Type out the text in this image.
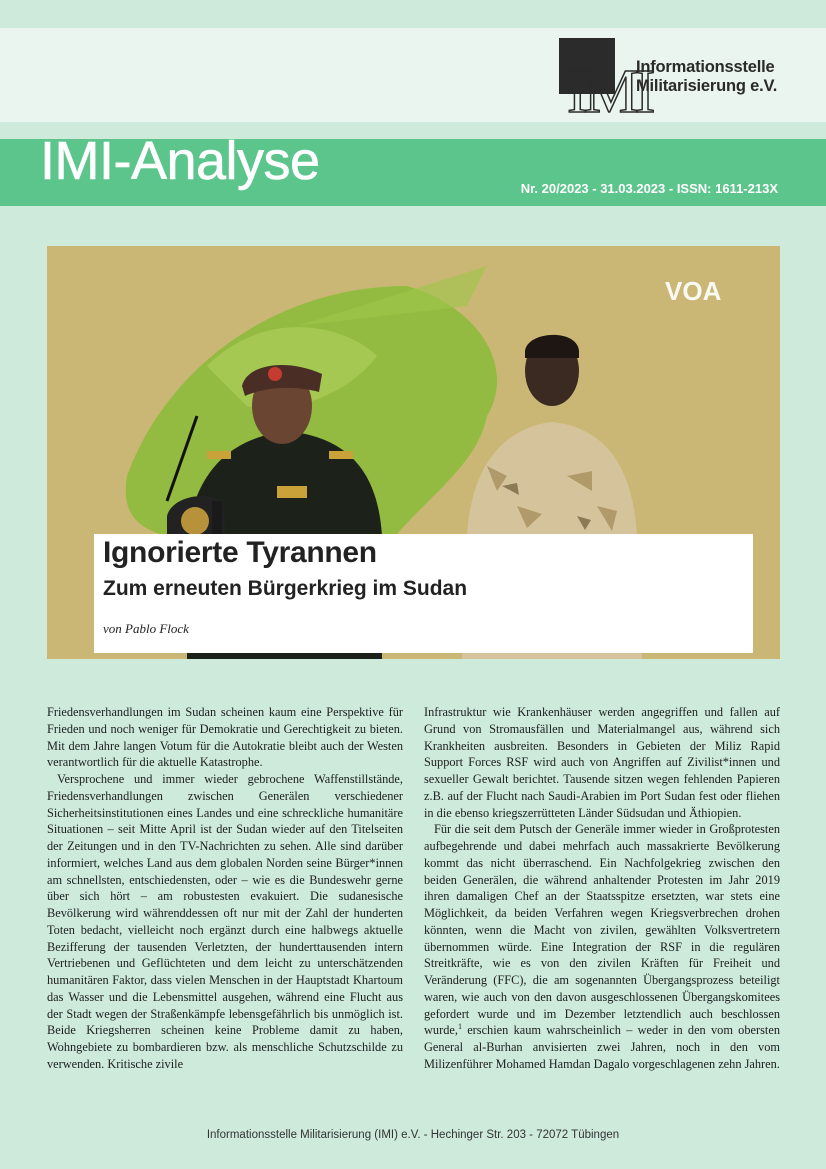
IMI
Informationsstelle
Militarisierung e.V.
IMI-Analyse	Nr. 20/2023 - 31.03.2023 - ISSN: 1611-213X
VOA
Ignorierte Tyrannen
Zum erneuten Bürgerkrieg im Sudan
von Pablo Flock

Friedensverhandlungen im Sudan scheinen kaum eine Perspektive für Frieden und noch weniger für Demokratie und Gerechtigkeit zu bieten. Mit dem Jahre langen Votum für die Autokratie bleibt auch der Westen verantwortlich für die aktuelle Katastrophe.

Versprochene und immer wieder gebrochene Waffenstillstände, Friedensverhandlungen zwischen Generälen verschiedener Sicherheitsinstitutionen eines Landes und eine schreckliche humanitäre Situationen – seit Mitte April ist der Sudan wieder auf den Titelseiten der Zeitungen und in den TV-Nachrichten zu sehen. Alle sind darüber informiert, welches Land aus dem globalen Norden seine Bürger*innen am schnellsten, entschiedensten, oder – wie es die Bundeswehr gerne über sich hört – am robustesten evakuiert. Die sudanesische Bevölkerung wird währenddessen oft nur mit der Zahl der hunderten Toten bedacht, vielleicht noch ergänzt durch eine halbwegs aktuelle Bezifferung der tausenden Verletzten, der hunderttausenden intern Vertriebenen und Geflüchteten und dem leicht zu unterschätzenden humanitären Faktor, dass vielen Menschen in der Hauptstadt Khartoum das Wasser und die Lebensmittel ausgehen, während eine Flucht aus der Stadt wegen der Straßenkämpfe lebensgefährlich bis unmöglich ist. Beide Kriegsherren scheinen keine Probleme damit zu haben, Wohngebiete zu bombardieren bzw. als menschliche Schutzschilde zu verwenden. Kritische zivile

Infrastruktur wie Krankenhäuser werden angegriffen und fallen auf Grund von Stromausfällen und Materialmangel aus, während sich Krankheiten ausbreiten. Besonders in Gebieten der Miliz Rapid Support Forces RSF wird auch von Angriffen auf Zivilist*innen und sexueller Gewalt berichtet. Tausende sitzen wegen fehlenden Papieren z.B. auf der Flucht nach Saudi-Arabien im Port Sudan fest oder fliehen in die ebenso kriegszerrütteten Länder Südsudan und Äthiopien.

Für die seit dem Putsch der Generäle immer wieder in Großprotesten aufbegehrende und dabei mehrfach auch massakrierte Bevölkerung kommt das nicht überraschend. Ein Nachfolgekrieg zwischen den beiden Generälen, die während anhaltender Protesten im Jahr 2019 ihren damaligen Chef an der Staatsspitze ersetzten, war stets eine Möglichkeit, da beiden Verfahren wegen Kriegsverbrechen drohen könnten, wenn die Macht von zivilen, gewählten Volksvertretern übernommen würde. Eine Integration der RSF in die regulären Streitkräfte, wie es von den zivilen Kräften für Freiheit und Veränderung (FFC), die am sogenannten Übergangsprozess beteiligt waren, wie auch von den davon ausgeschlossenen Übergangskomitees gefordert wurde und im Dezember letztendlich auch beschlossen wurde,$^1$ erschien kaum wahrscheinlich – weder in den vom obersten General al-Burhan anvisierten zwei Jahren, noch in den vom Milizenführer Mohamed Hamdan Dagalo vorgeschlagenen zehn Jahren.

Informationsstelle Militarisierung (IMI) e.V. - Hechinger Str. 203 - 72072 Tübingen
